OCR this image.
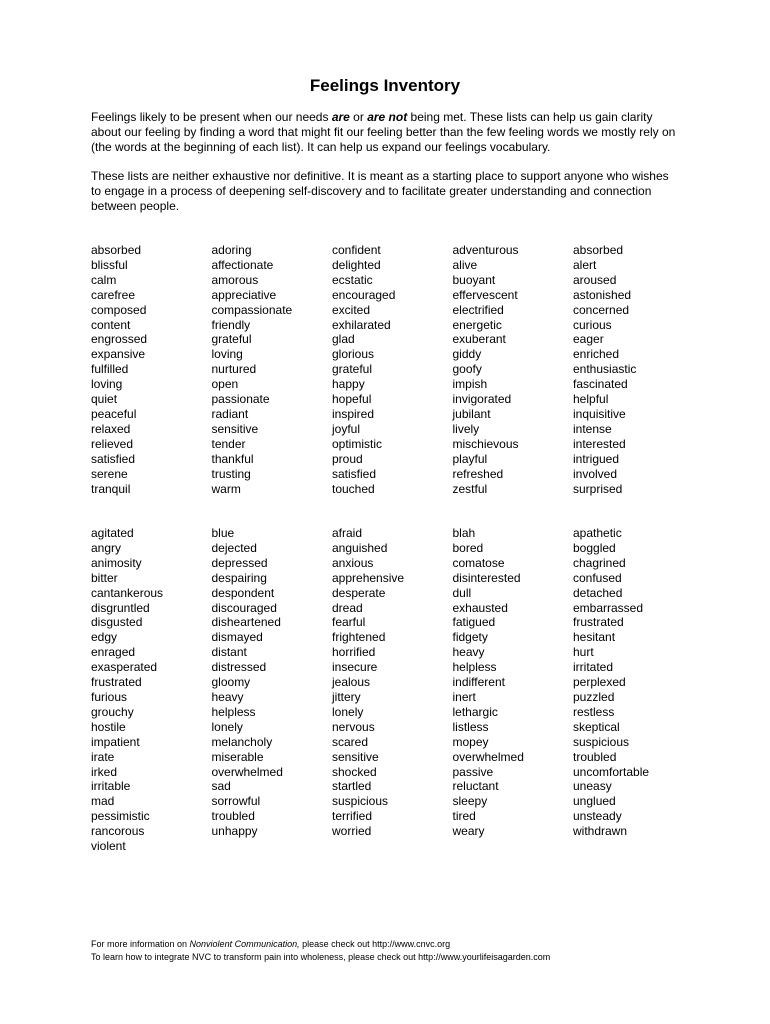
Feelings Inventory

Feelings likely to be present when our needs are or are not being met. These lists can help us gain clarity about our feeling by finding a word that might fit our feeling better than the few feeling words we mostly rely on (the words at the beginning of each list). It can help us expand our feelings vocabulary.

These lists are neither exhaustive nor definitive. It is meant as a starting place to support anyone who wishes to engage in a process of deepening self-discovery and to facilitate greater understanding and connection between people.

absorbed
blissful
calm
carefree
composed
content
engrossed
expansive
fulfilled
loving
quiet
peaceful
relaxed
relieved
satisfied
serene
tranquil
adoring
affectionate
amorous
appreciative
compassionate
friendly
grateful
loving
nurtured
open
passionate
radiant
sensitive
tender
thankful
trusting
warm
confident
delighted
ecstatic
encouraged
excited
exhilarated
glad
glorious
grateful
happy
hopeful
inspired
joyful
optimistic
proud
satisfied
touched
adventurous
alive
buoyant
effervescent
electrified
energetic
exuberant
giddy
goofy
impish
invigorated
jubilant
lively
mischievous
playful
refreshed
zestful
absorbed
alert
aroused
astonished
concerned
curious
eager
enriched
enthusiastic
fascinated
helpful
inquisitive
intense
interested
intrigued
involved
surprised
agitated
angry
animosity
bitter
cantankerous
disgruntled
disgusted
edgy
enraged
exasperated
frustrated
furious
grouchy
hostile
impatient
irate
irked
irritable
mad
pessimistic
rancorous
violent
blue
dejected
depressed
despairing
despondent
discouraged
disheartened
dismayed
distant
distressed
gloomy
heavy
helpless
lonely
melancholy
miserable
overwhelmed
sad
sorrowful
troubled
unhappy
afraid
anguished
anxious
apprehensive
desperate
dread
fearful
frightened
horrified
insecure
jealous
jittery
lonely
nervous
scared
sensitive
shocked
startled
suspicious
terrified
worried
blah
bored
comatose
disinterested
dull
exhausted
fatigued
fidgety
heavy
helpless
indifferent
inert
lethargic
listless
mopey
overwhelmed
passive
reluctant
sleepy
tired
weary
apathetic
boggled
chagrined
confused
detached
embarrassed
frustrated
hesitant
hurt
irritated
perplexed
puzzled
restless
skeptical
suspicious
troubled
uncomfortable
uneasy
unglued
unsteady
withdrawn
For more information on Nonviolent Communication, please check out http://www.cnvc.org
To learn how to integrate NVC to transform pain into wholeness, please check out http://www.yourlifeisagarden.com
